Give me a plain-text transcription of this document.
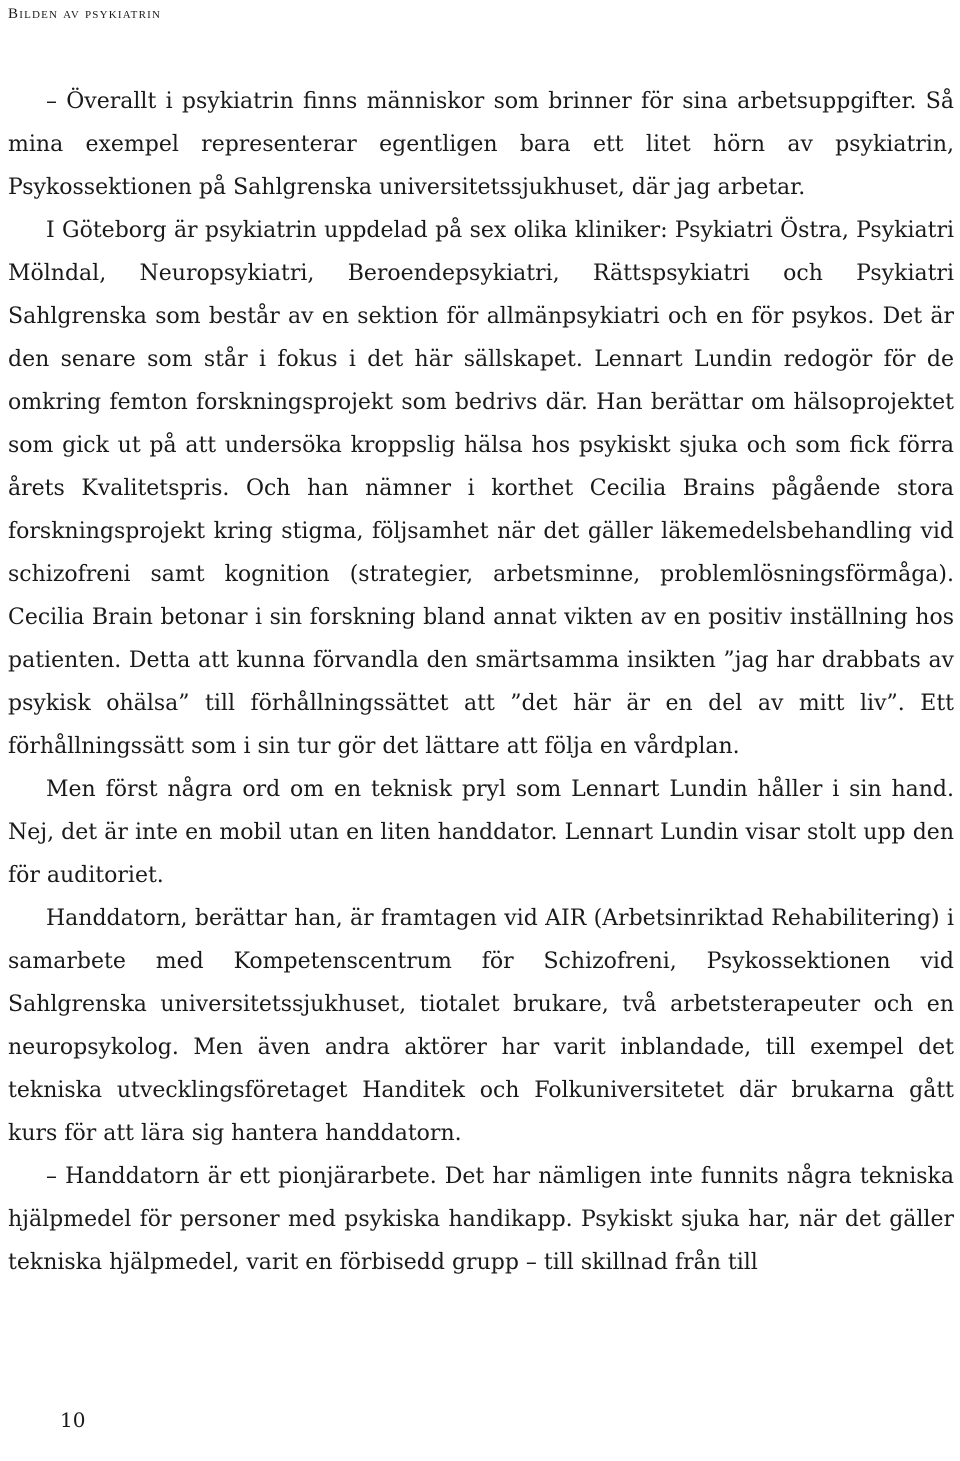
Bilden av psykiatrin

– Överallt i psykiatrin finns människor som brinner för sina arbetsuppgifter. Så mina exempel representerar egentligen bara ett litet hörn av psykiatrin, Psykossektionen på Sahlgrenska universitetssjukhuset, där jag arbetar.

I Göteborg är psykiatrin uppdelad på sex olika kliniker: Psykiatri Östra, Psykiatri Mölndal, Neuropsykiatri, Beroendepsykiatri, Rättspsykiatri och Psykiatri Sahlgrenska som består av en sektion för allmänpsykiatri och en för psykos. Det är den senare som står i fokus i det här sällskapet. Lennart Lundin redogör för de omkring femton forskningsprojekt som bedrivs där. Han berättar om hälsoprojektet som gick ut på att undersöka kroppslig hälsa hos psykiskt sjuka och som fick förra årets Kvalitetspris. Och han nämner i korthet Cecilia Brains pågående stora forskningsprojekt kring stigma, följsamhet när det gäller läkemedelsbehandling vid schizofreni samt kognition (strategier, arbetsminne, problemlösningsförmåga). Cecilia Brain betonar i sin forskning bland annat vikten av en positiv inställning hos patienten. Detta att kunna förvandla den smärtsamma insikten ”jag har drabbats av psykisk ohälsa” till förhållningssättet att ”det här är en del av mitt liv”. Ett förhållningssätt som i sin tur gör det lättare att följa en vårdplan.

Men först några ord om en teknisk pryl som Lennart Lundin håller i sin hand. Nej, det är inte en mobil utan en liten handdator. Lennart Lundin visar stolt upp den för auditoriet.

Handdatorn, berättar han, är framtagen vid AIR (Arbetsinriktad Rehabilitering) i samarbete med Kompetenscentrum för Schizofreni, Psykossektionen vid Sahlgrenska universitetssjukhuset, tiotalet brukare, två arbetsterapeuter och en neuropsykolog. Men även andra aktörer har varit inblandade, till exempel det tekniska utvecklingsföretaget Handitek och Folkuniversitetet där brukarna gått kurs för att lära sig hantera handdatorn.

– Handdatorn är ett pionjärarbete. Det har nämligen inte funnits några tekniska hjälpmedel för personer med psykiska handikapp. Psykiskt sjuka har, när det gäller tekniska hjälpmedel, varit en förbisedd grupp – till skillnad från till

10
